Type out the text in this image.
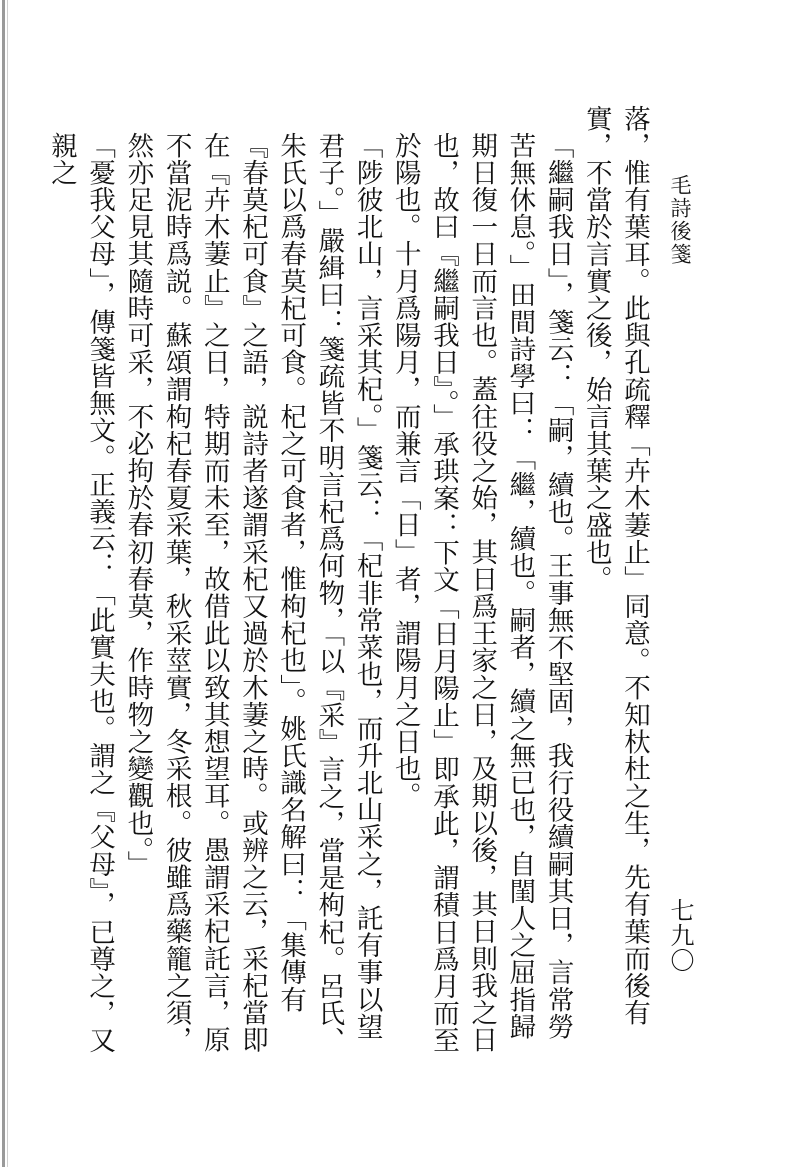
毛詩後箋
七九〇

落，惟有葉耳。此與孔疏釋「卉木萋止」同意。不知杕杜之生，先有葉而後有實，不當於言實之後，始言其葉之盛也。

「繼嗣我日」，箋云：「嗣，續也。王事無不堅固，我行役續嗣其日，言常勞苦無休息。」田間詩學曰：「繼，續也。嗣者，續之無已也，自閨人之屈指歸期日復一日而言也。蓋往役之始，其日爲王家之日，及期以後，其日則我之日也，故曰『繼嗣我日』。」承珙案：下文「日月陽止」即承此，謂積日爲月而至於陽也。十月爲陽月，而兼言「日」者，謂陽月之日也。

「陟彼北山，言采其杞。」箋云：「杞非常菜也，而升北山采之，託有事以望君子。」嚴緝曰：箋疏皆不明言杞爲何物，「以『采』言之，當是枸杞。呂氏、朱氏以爲春莫杞可食。杞之可食者，惟枸杞也」。姚氏識名解曰：「集傳有『春莫杞可食』之語，説詩者遂謂采杞又過於木萋之時。或辨之云，采杞當即在『卉木萋止』之日，特期而未至，故借此以致其想望耳。愚謂采杞託言，原不當泥時爲説。蘇頌謂枸杞春夏采葉，秋采莖實，冬采根。彼雖爲藥籠之須，然亦足見其隨時可采，不必拘於春初春莫，作時物之變觀也。」

「憂我父母」，傳箋皆無文。正義云：「此實夫也。謂之『父母』，已尊之，又親之
